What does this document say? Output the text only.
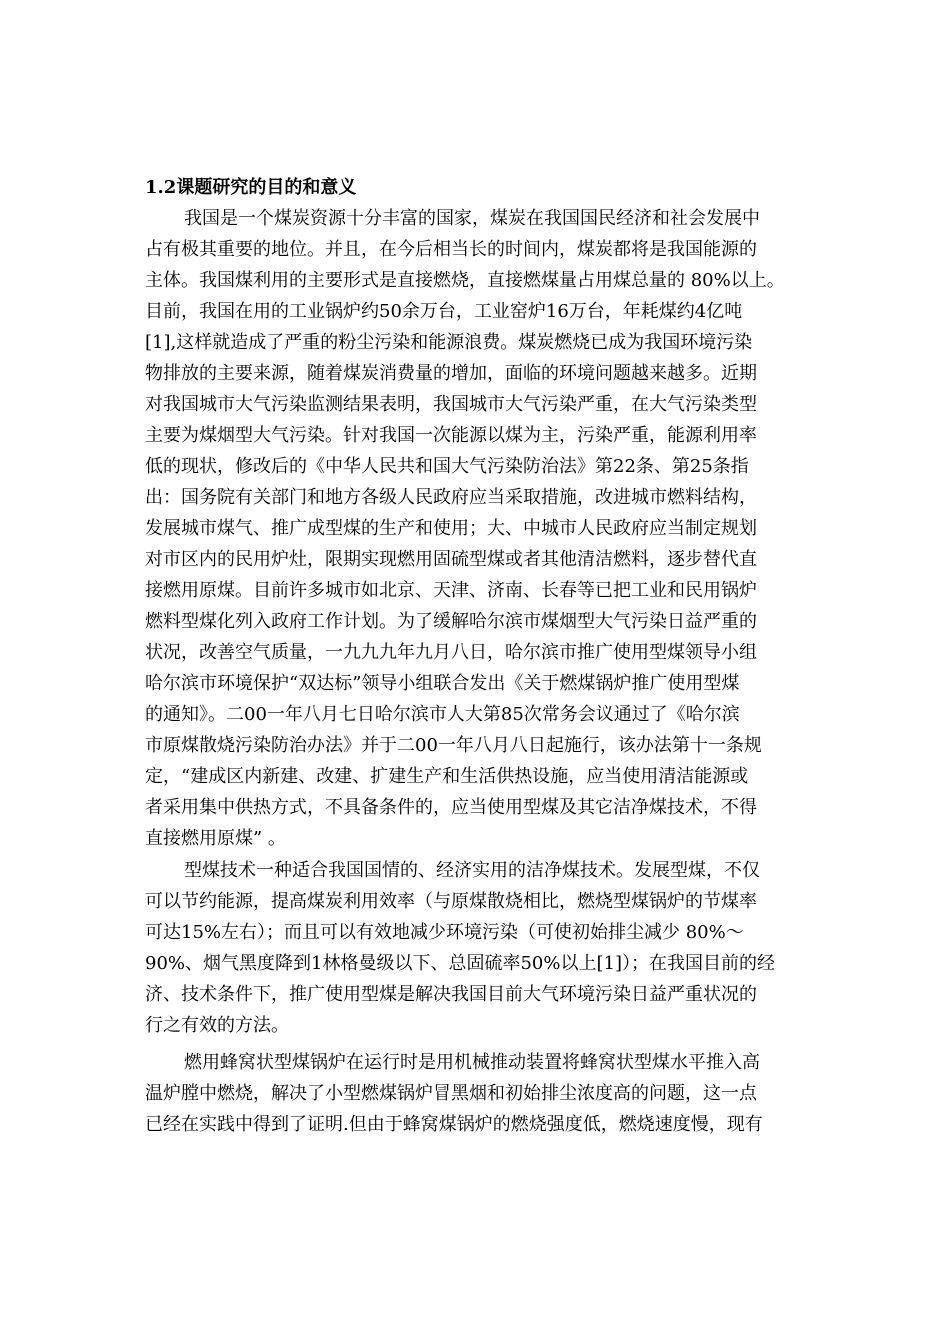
1.2课题研究的目的和意义
我国是一个煤炭资源十分丰富的国家，煤炭在我国国民经济和社会发展中
占有极其重要的地位。并且，在今后相当长的时间内，煤炭都将是我国能源的
主体。我国煤利用的主要形式是直接燃烧，直接燃煤量占用煤总量的 80%以上。
目前，我国在用的工业锅炉约50余万台，工业窑炉16万台，年耗煤约4亿吨
[1],这样就造成了严重的粉尘污染和能源浪费。煤炭燃烧已成为我国环境污染
物排放的主要来源，随着煤炭消费量的增加，面临的环境问题越来越多。近期
对我国城市大气污染监测结果表明，我国城市大气污染严重，在大气污染类型
主要为煤烟型大气污染。针对我国一次能源以煤为主，污染严重，能源利用率
低的现状，修改后的《中华人民共和国大气污染防治法》第22条、第25条指
出：国务院有关部门和地方各级人民政府应当采取措施，改进城市燃料结构，
发展城市煤气、推广成型煤的生产和使用；大、中城市人民政府应当制定规划
对市区内的民用炉灶，限期实现燃用固硫型煤或者其他清洁燃料，逐步替代直
接燃用原煤。目前许多城市如北京、天津、济南、长春等已把工业和民用锅炉
燃料型煤化列入政府工作计划。为了缓解哈尔滨市煤烟型大气污染日益严重的
状况，改善空气质量，一九九九年九月八日，哈尔滨市推广使用型煤领导小组
哈尔滨市环境保护“双达标”领导小组联合发出《关于燃煤锅炉推广使用型煤
的通知》。二00一年八月七日哈尔滨市人大第85次常务会议通过了《哈尔滨
市原煤散烧污染防治办法》并于二00一年八月八日起施行，该办法第十一条规
定，“建成区内新建、改建、扩建生产和生活供热设施，应当使用清洁能源或
者采用集中供热方式，不具备条件的，应当使用型煤及其它洁净煤技术，不得
直接燃用原煤” 。
型煤技术一种适合我国国情的、经济实用的洁净煤技术。发展型煤，不仅
可以节约能源，提高煤炭利用效率（与原煤散烧相比，燃烧型煤锅炉的节煤率
可达15%左右）；而且可以有效地减少环境污染（可使初始排尘减少 80%～
90%、烟气黑度降到1林格曼级以下、总固硫率50%以上[1]）；在我国目前的经
济、技术条件下，推广使用型煤是解决我国目前大气环境污染日益严重状况的
行之有效的方法。
燃用蜂窝状型煤锅炉在运行时是用机械推动装置将蜂窝状型煤水平推入高
温炉膛中燃烧，解决了小型燃煤锅炉冒黑烟和初始排尘浓度高的问题，这一点
已经在实践中得到了证明.但由于蜂窝煤锅炉的燃烧强度低，燃烧速度慢，现有
